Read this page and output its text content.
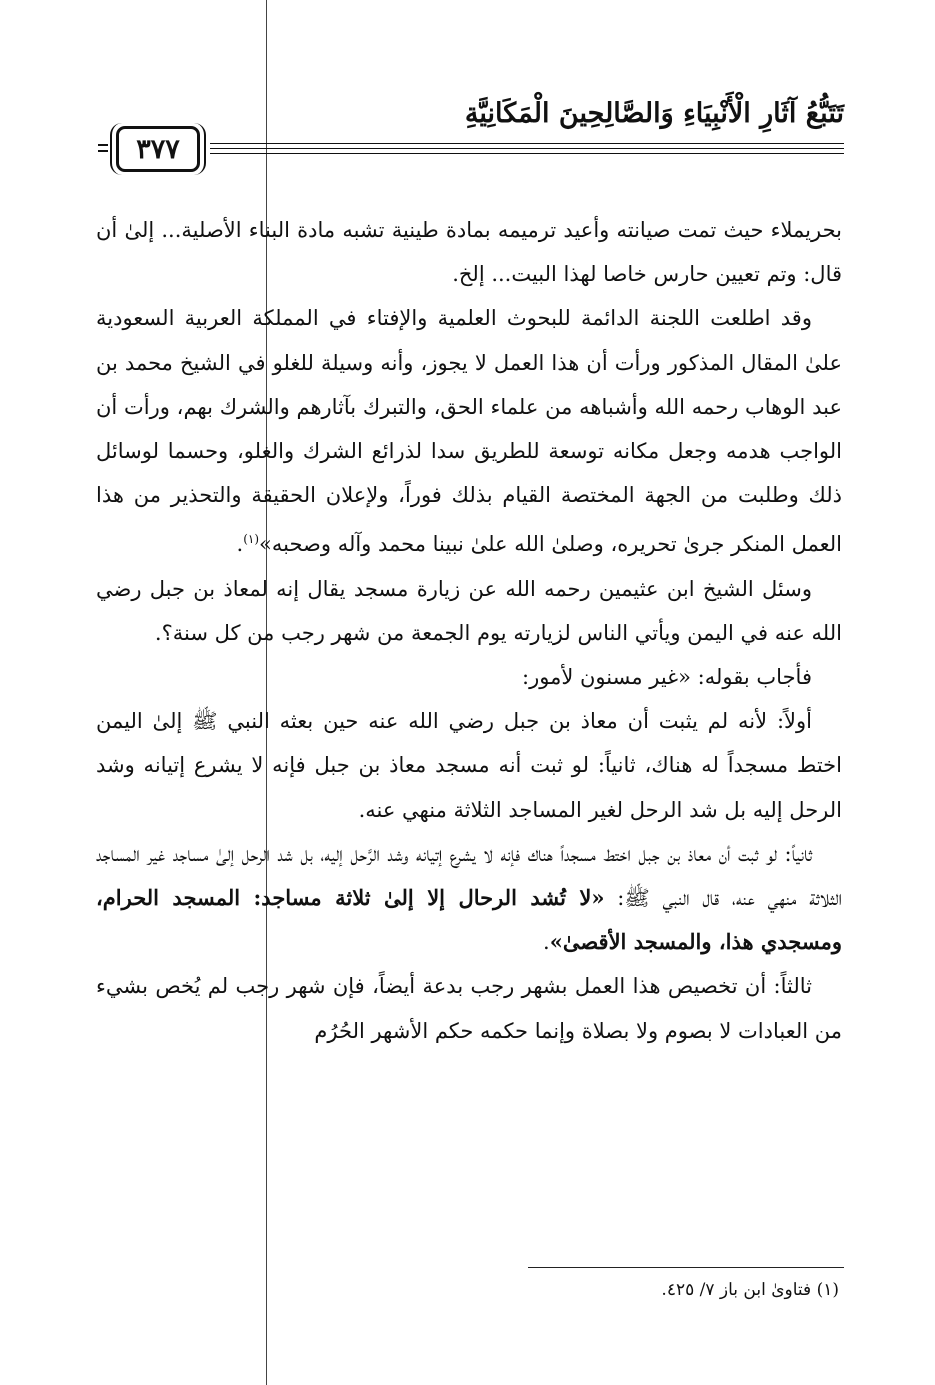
تَتَبُّعُ آثَارِ الْأَنْبِيَاءِ وَالصَّالِحِينَ الْمَكَانِيَّةِ
٣٧٧

بحريملاء حيث تمت صيانته وأعيد ترميمه بمادة طينية تشبه مادة البناء الأصلية... إلىٰ أن قال: وتم تعيين حارس خاصا لهذا البيت... إلخ.

وقد اطلعت اللجنة الدائمة للبحوث العلمية والإفتاء في المملكة العربية السعودية علىٰ المقال المذكور ورأت أن هذا العمل لا يجوز، وأنه وسيلة للغلو في الشيخ محمد بن عبد الوهاب رحمه الله وأشباهه من علماء الحق، والتبرك بآثارهم والشرك بهم، ورأت أن الواجب هدمه وجعل مكانه توسعة للطريق سدا لذرائع الشرك والغلو، وحسما لوسائل ذلك وطلبت من الجهة المختصة القيام بذلك فوراً، ولإعلان الحقيقة والتحذير من هذا العمل المنكر جرىٰ تحريره، وصلىٰ الله علىٰ نبينا محمد وآله وصحبه»$^{(١)}$.

وسئل الشيخ ابن عثيمين رحمه الله عن زيارة مسجد يقال إنه لمعاذ بن جبل رضي الله عنه في اليمن ويأتي الناس لزيارته يوم الجمعة من شهر رجب من كل سنة؟.

فأجاب بقوله: «غير مسنون لأمور:

أولاً: لأنه لم يثبت أن معاذ بن جبل رضي الله عنه حين بعثه النبي ﷺ إلىٰ اليمن اختط مسجداً له هناك، ثانياً: لو ثبت أنه مسجد معاذ بن جبل فإنه لا يشرع إتيانه وشد الرحل إليه بل شد الرحل لغير المساجد الثلاثة منهي عنه.

ثانياً: لو ثبت أن معاذ بن جبل اختط مسجداً هناك فإنه لا يشرع إتيانه وشد الرَّحل إليه، بل شد الرحل إلىٰ مساجد غير المساجد الثلاثة منهي عنه، قال النبي ﷺ: «لا تُشد الرحال إلا إلىٰ ثلاثة مساجد: المسجد الحرام، ومسجدي هذا، والمسجد الأقصىٰ».

ثالثاً: أن تخصيص هذا العمل بشهر رجب بدعة أيضاً، فإن شهر رجب لم يُخص بشيء من العبادات لا بصوم ولا بصلاة وإنما حكمه حكم الأشهر الحُرُم

(١) فتاوىٰ ابن باز ٧/ ٤٢٥.
